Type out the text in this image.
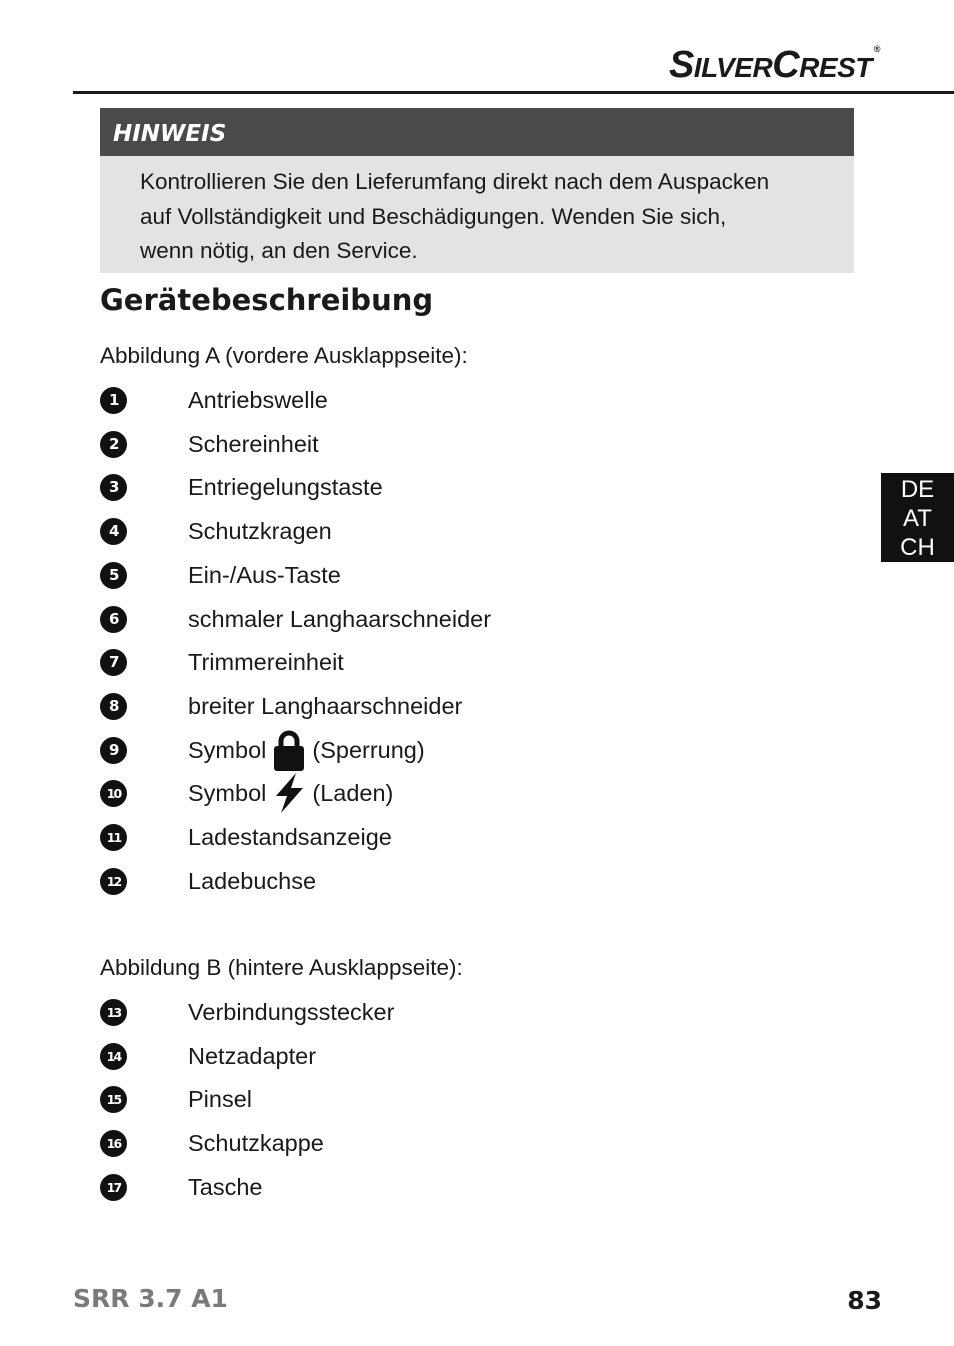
SILVERCREST®
HINWEIS
Kontrollieren Sie den Lieferumfang direkt nach dem Auspacken
auf Vollständigkeit und Beschädigungen. Wenden Sie sich,
wenn nötig, an den Service.
Gerätebeschreibung

Abbildung A (vordere Ausklappseite):

1	Antriebswelle
2	Schereinheit
3	Entriegelungstaste
4	Schutzkragen
5	Ein-/Aus-Taste
6	schmaler Langhaarschneider
7	Trimmereinheit
8	breiter Langhaarschneider
9	Symbol (Sperrung)
10	Symbol (Laden)
11	Ladestandsanzeige
12	Ladebuchse

Abbildung B (hintere Ausklappseite):

13	Verbindungsstecker
14	Netzadapter
15	Pinsel
16	Schutzkappe
17	Tasche
DE
AT
CH
SRR 3.7 A1	83
